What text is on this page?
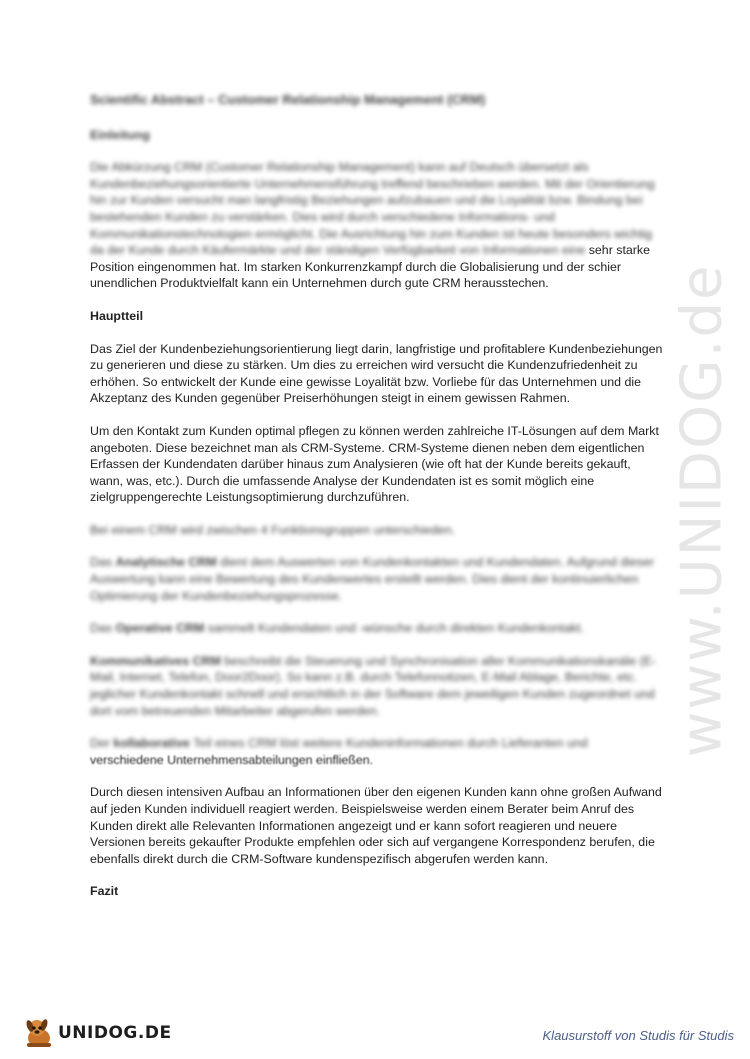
Scientific Abstract – Customer Relationship Management (CRM)
Einleitung

Die Abkürzung CRM (Customer Relationship Management) kann auf Deutsch übersetzt als Kundenbeziehungsorientierte Unternehmensführung treffend beschrieben werden. Mit der Orientierung hin zur Kunden versucht man langfristig Beziehungen aufzubauen und die Loyalität bzw. Bindung bei bestehenden Kunden zu verstärken. Dies wird durch verschiedene Informations- und Kommunikationstechnologien ermöglicht. Die Ausrichtung hin zum Kunden ist heute besonders wichtig da der Kunde durch Käufermärkte und der ständigen Verfügbarkeit von Informationen eine sehr starke Position eingenommen hat. Im starken Konkurrenzkampf durch die Globalisierung und der schier unendlichen Produktvielfalt kann ein Unternehmen durch gute CRM herausstechen.

Hauptteil

Das Ziel der Kundenbeziehungsorientierung liegt darin, langfristige und profitablere Kundenbeziehungen zu generieren und diese zu stärken. Um dies zu erreichen wird versucht die Kundenzufriedenheit zu erhöhen. So entwickelt der Kunde eine gewisse Loyalität bzw. Vorliebe für das Unternehmen und die Akzeptanz des Kunden gegenüber Preiserhöhungen steigt in einem gewissen Rahmen.

Um den Kontakt zum Kunden optimal pflegen zu können werden zahlreiche IT-Lösungen auf dem Markt angeboten. Diese bezeichnet man als CRM-Systeme. CRM-Systeme dienen neben dem eigentlichen Erfassen der Kundendaten darüber hinaus zum Analysieren (wie oft hat der Kunde bereits gekauft, wann, was, etc.). Durch die umfassende Analyse der Kundendaten ist es somit möglich eine zielgruppengerechte Leistungsoptimierung durchzuführen.

Bei einem CRM wird zwischen 4 Funktionsgruppen unterschieden.

Das Analytische CRM dient dem Auswerten von Kundenkontakten und Kundendaten. Aufgrund dieser Auswertung kann eine Bewertung des Kundenwertes erstellt werden. Dies dient der kontinuierlichen Optimierung der Kundenbeziehungsprozesse.

Das Operative CRM sammelt Kundendaten und -wünsche durch direkten Kundenkontakt.

Kommunikatives CRM beschreibt die Steuerung und Synchronisation aller Kommunikationskanäle (E-Mail, Internet, Telefon, Door2Door). So kann z.B. durch Telefonnotizen, E-Mail Ablage, Berichte, etc. jeglicher Kundenkontakt schnell und ersichtlich in der Software dem jeweiligen Kunden zugeordnet und dort vom betreuenden Mitarbeiter abgerufen werden.

Der kollaborative Teil eines CRM löst weitere Kundeninformationen durch Lieferanten und
verschiedene Unternehmensabteilungen einfließen.

Durch diesen intensiven Aufbau an Informationen über den eigenen Kunden kann ohne großen Aufwand auf jeden Kunden individuell reagiert werden. Beispielsweise werden einem Berater beim Anruf des Kunden direkt alle Relevanten Informationen angezeigt und er kann sofort reagieren und neuere Versionen bereits gekaufter Produkte empfehlen oder sich auf vergangene Korrespondenz berufen, die ebenfalls direkt durch die CRM-Software kundenspezifisch abgerufen werden kann.

Fazit
www.UNIDOG.de
UNIDOG.DE	Klausurstoff von Studis für Studis
